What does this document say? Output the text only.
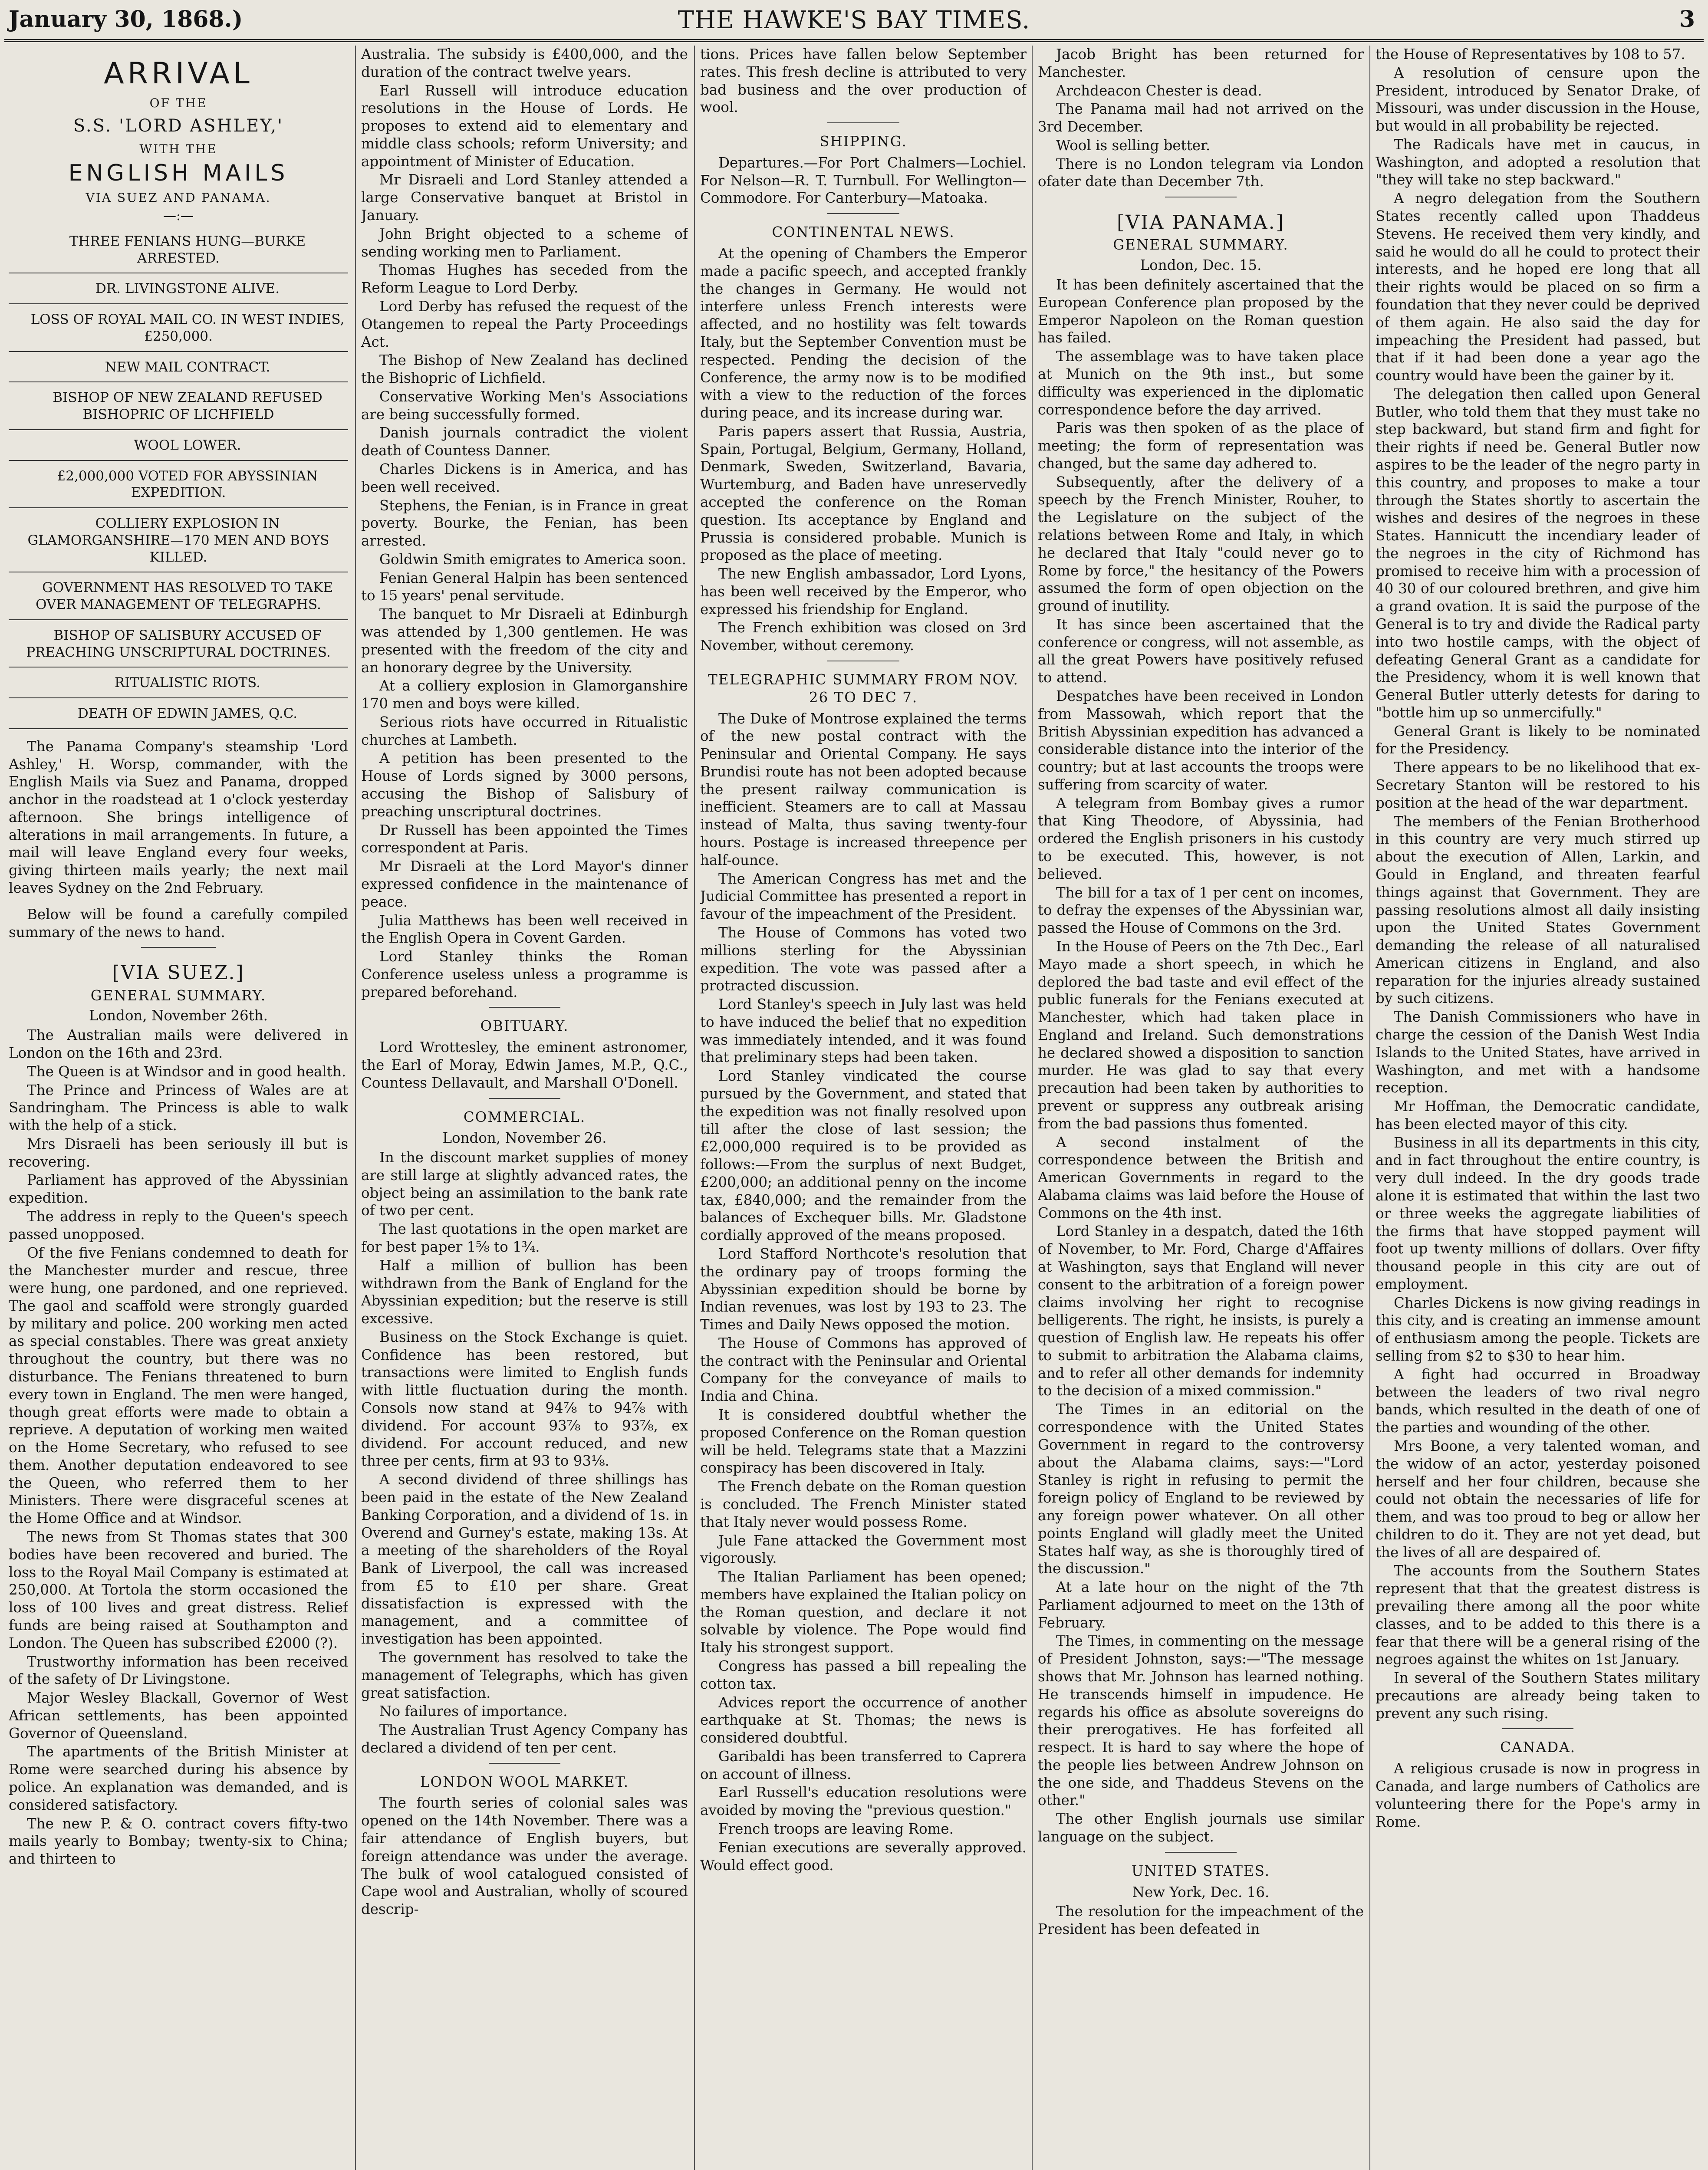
January 30, 1868.)	THE HAWKE'S BAY TIMES.	3
ARRIVAL
OF THE
S.S. 'LORD ASHLEY,'
WITH THE
ENGLISH MAILS
VIA SUEZ AND PANAMA.
—:—

THREE FENIANS HUNG—BURKE ARRESTED.

DR. LIVINGSTONE ALIVE.

LOSS OF ROYAL MAIL CO. IN WEST INDIES, £250,000.

NEW MAIL CONTRACT.

BISHOP OF NEW ZEALAND REFUSED BISHOPRIC OF LICHFIELD

WOOL LOWER.

£2,000,000 VOTED FOR ABYSSINIAN EXPEDITION.

COLLIERY EXPLOSION IN GLAMORGANSHIRE—170 MEN AND BOYS KILLED.

GOVERNMENT HAS RESOLVED TO TAKE OVER MANAGEMENT OF TELEGRAPHS.

BISHOP OF SALISBURY ACCUSED OF PREACHING UNSCRIPTURAL DOCTRINES.

RITUALISTIC RIOTS.

DEATH OF EDWIN JAMES, Q.C.

The Panama Company's steamship 'Lord Ashley,' H. Worsp, commander, with the English Mails via Suez and Panama, dropped anchor in the roadstead at 1 o'clock yesterday afternoon. She brings intelligence of alterations in mail arrangements. In future, a mail will leave England every four weeks, giving thirteen mails yearly; the next mail leaves Sydney on the 2nd February.

Below will be found a carefully compiled summary of the news to hand.

[VIA SUEZ.]

GENERAL SUMMARY.

London, November 26th.

The Australian mails were delivered in London on the 16th and 23rd.

The Queen is at Windsor and in good health.

The Prince and Princess of Wales are at Sandringham. The Princess is able to walk with the help of a stick.

Mrs Disraeli has been seriously ill but is recovering.

Parliament has approved of the Abyssinian expedition.

The address in reply to the Queen's speech passed unopposed.

Of the five Fenians condemned to death for the Manchester murder and rescue, three were hung, one pardoned, and one reprieved. The gaol and scaffold were strongly guarded by military and police. 200 working men acted as special constables. There was great anxiety throughout the country, but there was no disturbance. The Fenians threatened to burn every town in England. The men were hanged, though great efforts were made to obtain a reprieve. A deputation of working men waited on the Home Secretary, who refused to see them. Another deputation endeavored to see the Queen, who referred them to her Ministers. There were disgraceful scenes at the Home Office and at Windsor.

The news from St Thomas states that 300 bodies have been recovered and buried. The loss to the Royal Mail Company is estimated at 250,000. At Tortola the storm occasioned the loss of 100 lives and great distress. Relief funds are being raised at Southampton and London. The Queen has subscribed £2000 (?).

Trustworthy information has been received of the safety of Dr Livingstone.

Major Wesley Blackall, Governor of West African settlements, has been appointed Governor of Queensland.

The apartments of the British Minister at Rome were searched during his absence by police. An explanation was demanded, and is considered satisfactory.

The new P. & O. contract covers fifty-two mails yearly to Bombay; twenty-six to China; and thirteen to

Australia. The subsidy is £400,000, and the duration of the contract twelve years.

Earl Russell will introduce education resolutions in the House of Lords. He proposes to extend aid to elementary and middle class schools; reform University; and appointment of Minister of Education.

Mr Disraeli and Lord Stanley attended a large Conservative banquet at Bristol in January.

John Bright objected to a scheme of sending working men to Parliament.

Thomas Hughes has seceded from the Reform League to Lord Derby.

Lord Derby has refused the request of the Otangemen to repeal the Party Proceedings Act.

The Bishop of New Zealand has declined the Bishopric of Lichfield.

Conservative Working Men's Associations are being successfully formed.

Danish journals contradict the violent death of Countess Danner.

Charles Dickens is in America, and has been well received.

Stephens, the Fenian, is in France in great poverty. Bourke, the Fenian, has been arrested.

Goldwin Smith emigrates to America soon.

Fenian General Halpin has been sentenced to 15 years' penal servitude.

The banquet to Mr Disraeli at Edinburgh was attended by 1,300 gentlemen. He was presented with the freedom of the city and an honorary degree by the University.

At a colliery explosion in Glamorganshire 170 men and boys were killed.

Serious riots have occurred in Ritualistic churches at Lambeth.

A petition has been presented to the House of Lords signed by 3000 persons, accusing the Bishop of Salisbury of preaching unscriptural doctrines.

Dr Russell has been appointed the Times correspondent at Paris.

Mr Disraeli at the Lord Mayor's dinner expressed confidence in the maintenance of peace.

Julia Matthews has been well received in the English Opera in Covent Garden.

Lord Stanley thinks the Roman Conference useless unless a programme is prepared beforehand.

OBITUARY.

Lord Wrottesley, the eminent astronomer, the Earl of Moray, Edwin James, M.P., Q.C., Countess Dellavault, and Marshall O'Donell.

COMMERCIAL.

London, November 26.

In the discount market supplies of money are still large at slightly advanced rates, the object being an assimilation to the bank rate of two per cent.

The last quotations in the open market are for best paper 1⅝ to 1¾.

Half a million of bullion has been withdrawn from the Bank of England for the Abyssinian expedition; but the reserve is still excessive.

Business on the Stock Exchange is quiet. Confidence has been restored, but transactions were limited to English funds with little fluctuation during the month. Consols now stand at 94⅞ to 94⅞ with dividend. For account 93⅞ to 93⅞, ex dividend. For account reduced, and new three per cents, firm at 93 to 93⅛.

A second dividend of three shillings has been paid in the estate of the New Zealand Banking Corporation, and a dividend of 1s. in Overend and Gurney's estate, making 13s. At a meeting of the shareholders of the Royal Bank of Liverpool, the call was increased from £5 to £10 per share. Great dissatisfaction is expressed with the management, and a committee of investigation has been appointed.

The government has resolved to take the management of Telegraphs, which has given great satisfaction.

No failures of importance.

The Australian Trust Agency Company has declared a dividend of ten per cent.

LONDON WOOL MARKET.

The fourth series of colonial sales was opened on the 14th November. There was a fair attendance of English buyers, but foreign attendance was under the average. The bulk of wool catalogued consisted of Cape wool and Australian, wholly of scoured descrip-

tions. Prices have fallen below September rates. This fresh decline is attributed to very bad business and the over production of wool.

SHIPPING.

Departures.—For Port Chalmers—Lochiel. For Nelson—R. T. Turnbull. For Wellington—Commodore. For Canterbury—Matoaka.

CONTINENTAL NEWS.

At the opening of Chambers the Emperor made a pacific speech, and accepted frankly the changes in Germany. He would not interfere unless French interests were affected, and no hostility was felt towards Italy, but the September Convention must be respected. Pending the decision of the Conference, the army now is to be modified with a view to the reduction of the forces during peace, and its increase during war.

Paris papers assert that Russia, Austria, Spain, Portugal, Belgium, Germany, Holland, Denmark, Sweden, Switzerland, Bavaria, Wurtemburg, and Baden have unreservedly accepted the conference on the Roman question. Its acceptance by England and Prussia is considered probable. Munich is proposed as the place of meeting.

The new English ambassador, Lord Lyons, has been well received by the Emperor, who expressed his friendship for England.

The French exhibition was closed on 3rd November, without ceremony.

TELEGRAPHIC SUMMARY FROM NOV. 26 TO DEC 7.

The Duke of Montrose explained the terms of the new postal contract with the Peninsular and Oriental Company. He says Brundisi route has not been adopted because the present railway communication is inefficient. Steamers are to call at Massau instead of Malta, thus saving twenty-four hours. Postage is increased threepence per half-ounce.

The American Congress has met and the Judicial Committee has presented a report in favour of the impeachment of the President.

The House of Commons has voted two millions sterling for the Abyssinian expedition. The vote was passed after a protracted discussion.

Lord Stanley's speech in July last was held to have induced the belief that no expedition was immediately intended, and it was found that preliminary steps had been taken.

Lord Stanley vindicated the course pursued by the Government, and stated that the expedition was not finally resolved upon till after the close of last session; the £2,000,000 required is to be provided as follows:—From the surplus of next Budget, £200,000; an additional penny on the income tax, £840,000; and the remainder from the balances of Exchequer bills. Mr. Gladstone cordially approved of the means proposed.

Lord Stafford Northcote's resolution that the ordinary pay of troops forming the Abyssinian expedition should be borne by Indian revenues, was lost by 193 to 23. The Times and Daily News opposed the motion.

The House of Commons has approved of the contract with the Peninsular and Oriental Company for the conveyance of mails to India and China.

It is considered doubtful whether the proposed Conference on the Roman question will be held. Telegrams state that a Mazzini conspiracy has been discovered in Italy.

The French debate on the Roman question is concluded. The French Minister stated that Italy never would possess Rome.

Jule Fane attacked the Government most vigorously.

The Italian Parliament has been opened; members have explained the Italian policy on the Roman question, and declare it not solvable by violence. The Pope would find Italy his strongest support.

Congress has passed a bill repealing the cotton tax.

Advices report the occurrence of another earthquake at St. Thomas; the news is considered doubtful.

Garibaldi has been transferred to Caprera on account of illness.

Earl Russell's education resolutions were avoided by moving the "previous question."

French troops are leaving Rome.

Fenian executions are severally approved. Would effect good.

Jacob Bright has been returned for Manchester.

Archdeacon Chester is dead.

The Panama mail had not arrived on the 3rd December.

Wool is selling better.

There is no London telegram via London ofater date than December 7th.

[VIA PANAMA.]

GENERAL SUMMARY.

London, Dec. 15.

It has been definitely ascertained that the European Conference plan proposed by the Emperor Napoleon on the Roman question has failed.

The assemblage was to have taken place at Munich on the 9th inst., but some difficulty was experienced in the diplomatic correspondence before the day arrived.

Paris was then spoken of as the place of meeting; the form of representation was changed, but the same day adhered to.

Subsequently, after the delivery of a speech by the French Minister, Rouher, to the Legislature on the subject of the relations between Rome and Italy, in which he declared that Italy "could never go to Rome by force," the hesitancy of the Powers assumed the form of open objection on the ground of inutility.

It has since been ascertained that the conference or congress, will not assemble, as all the great Powers have positively refused to attend.

Despatches have been received in London from Massowah, which report that the British Abyssinian expedition has advanced a considerable distance into the interior of the country; but at last accounts the troops were suffering from scarcity of water.

A telegram from Bombay gives a rumor that King Theodore, of Abyssinia, had ordered the English prisoners in his custody to be executed. This, however, is not believed.

The bill for a tax of 1 per cent on incomes, to defray the expenses of the Abyssinian war, passed the House of Commons on the 3rd.

In the House of Peers on the 7th Dec., Earl Mayo made a short speech, in which he deplored the bad taste and evil effect of the public funerals for the Fenians executed at Manchester, which had taken place in England and Ireland. Such demonstrations he declared showed a disposition to sanction murder. He was glad to say that every precaution had been taken by authorities to prevent or suppress any outbreak arising from the bad passions thus fomented.

A second instalment of the correspondence between the British and American Governments in regard to the Alabama claims was laid before the House of Commons on the 4th inst.

Lord Stanley in a despatch, dated the 16th of November, to Mr. Ford, Charge d'Affaires at Washington, says that England will never consent to the arbitration of a foreign power claims involving her right to recognise belligerents. The right, he insists, is purely a question of English law. He repeats his offer to submit to arbitration the Alabama claims, and to refer all other demands for indemnity to the decision of a mixed commission."

The Times in an editorial on the correspondence with the United States Government in regard to the controversy about the Alabama claims, says:—"Lord Stanley is right in refusing to permit the foreign policy of England to be reviewed by any foreign power whatever. On all other points England will gladly meet the United States half way, as she is thoroughly tired of the discussion."

At a late hour on the night of the 7th Parliament adjourned to meet on the 13th of February.

The Times, in commenting on the message of President Johnston, says:—"The message shows that Mr. Johnson has learned nothing. He transcends himself in impudence. He regards his office as absolute sovereigns do their prerogatives. He has forfeited all respect. It is hard to say where the hope of the people lies between Andrew Johnson on the one side, and Thaddeus Stevens on the other."

The other English journals use similar language on the subject.

UNITED STATES.

New York, Dec. 16.

The resolution for the impeachment of the President has been defeated in

the House of Representatives by 108 to 57.

A resolution of censure upon the President, introduced by Senator Drake, of Missouri, was under discussion in the House, but would in all probability be rejected.

The Radicals have met in caucus, in Washington, and adopted a resolution that "they will take no step backward."

A negro delegation from the Southern States recently called upon Thaddeus Stevens. He received them very kindly, and said he would do all he could to protect their interests, and he hoped ere long that all their rights would be placed on so firm a foundation that they never could be deprived of them again. He also said the day for impeaching the President had passed, but that if it had been done a year ago the country would have been the gainer by it.

The delegation then called upon General Butler, who told them that they must take no step backward, but stand firm and fight for their rights if need be. General Butler now aspires to be the leader of the negro party in this country, and proposes to make a tour through the States shortly to ascertain the wishes and desires of the negroes in these States. Hannicutt the incendiary leader of the negroes in the city of Richmond has promised to receive him with a procession of 40 30 of our coloured brethren, and give him a grand ovation. It is said the purpose of the General is to try and divide the Radical party into two hostile camps, with the object of defeating General Grant as a candidate for the Presidency, whom it is well known that General Butler utterly detests for daring to "bottle him up so unmercifully."

General Grant is likely to be nominated for the Presidency.

There appears to be no likelihood that ex-Secretary Stanton will be restored to his position at the head of the war department.

The members of the Fenian Brotherhood in this country are very much stirred up about the execution of Allen, Larkin, and Gould in England, and threaten fearful things against that Government. They are passing resolutions almost all daily insisting upon the United States Government demanding the release of all naturalised American citizens in England, and also reparation for the injuries already sustained by such citizens.

The Danish Commissioners who have in charge the cession of the Danish West India Islands to the United States, have arrived in Washington, and met with a handsome reception.

Mr Hoffman, the Democratic candidate, has been elected mayor of this city.

Business in all its departments in this city, and in fact throughout the entire country, is very dull indeed. In the dry goods trade alone it is estimated that within the last two or three weeks the aggregate liabilities of the firms that have stopped payment will foot up twenty millions of dollars. Over fifty thousand people in this city are out of employment.

Charles Dickens is now giving readings in this city, and is creating an immense amount of enthusiasm among the people. Tickets are selling from $2 to $30 to hear him.

A fight had occurred in Broadway between the leaders of two rival negro bands, which resulted in the death of one of the parties and wounding of the other.

Mrs Boone, a very talented woman, and the widow of an actor, yesterday poisoned herself and her four children, because she could not obtain the necessaries of life for them, and was too proud to beg or allow her children to do it. They are not yet dead, but the lives of all are despaired of.

The accounts from the Southern States represent that that the greatest distress is prevailing there among all the poor white classes, and to be added to this there is a fear that there will be a general rising of the negroes against the whites on 1st January.

In several of the Southern States military precautions are already being taken to prevent any such rising.

CANADA.

A religious crusade is now in progress in Canada, and large numbers of Catholics are volunteering there for the Pope's army in Rome.
